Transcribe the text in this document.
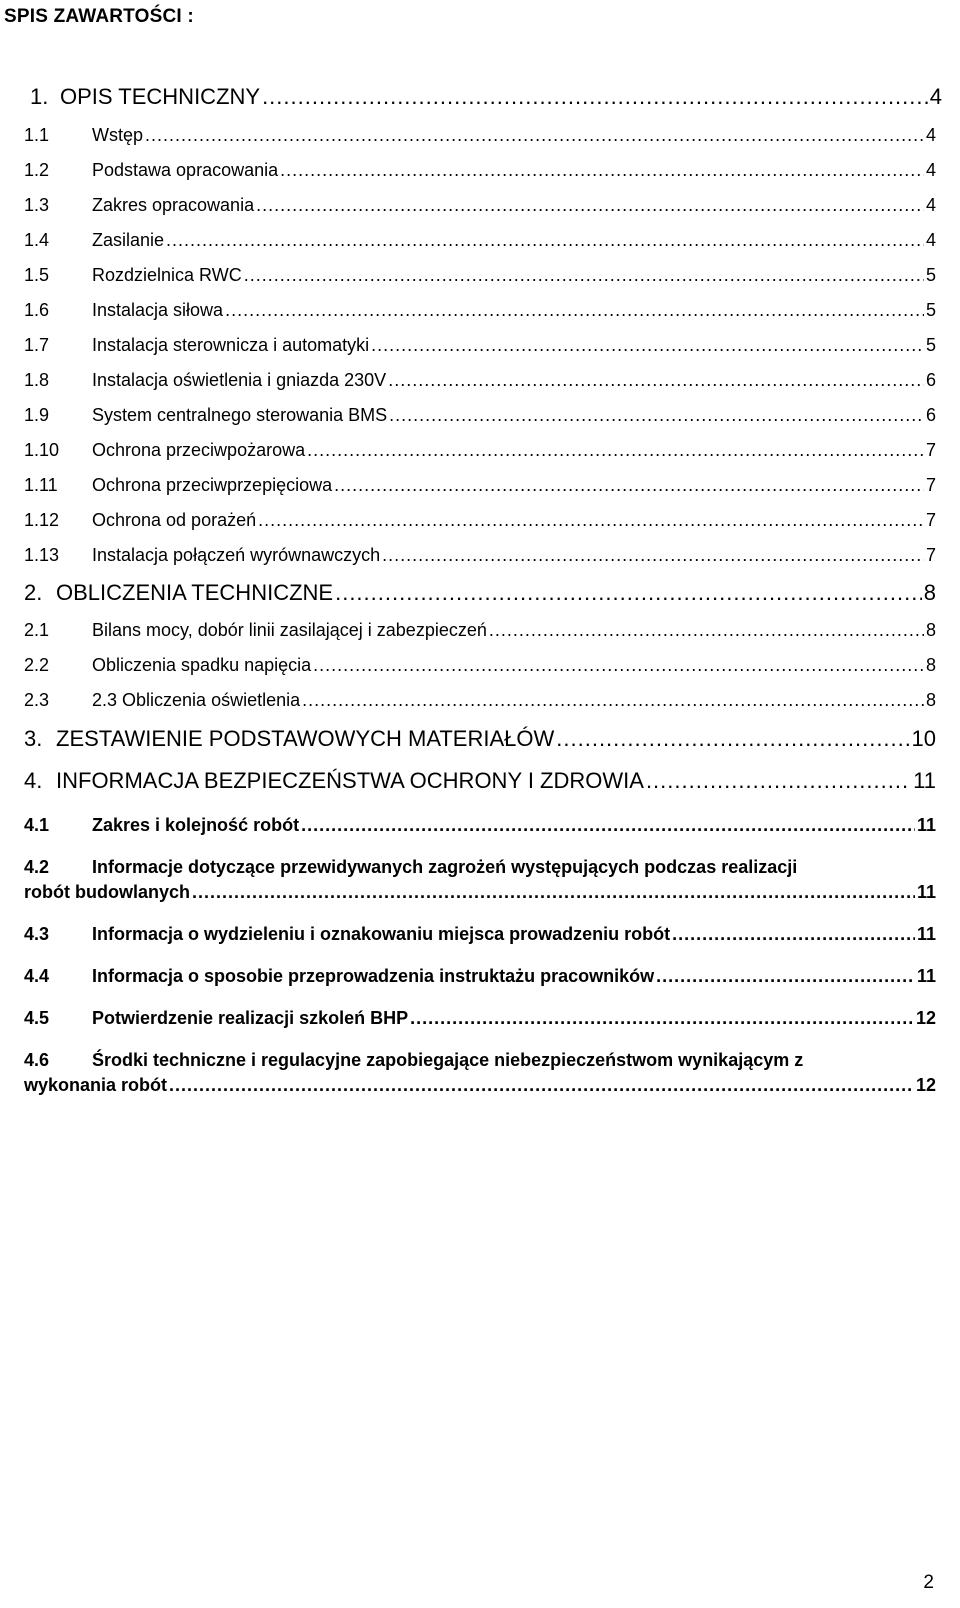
SPIS ZAWARTOŚCI :
1. OPIS TECHNICZNY .....	4
1.1	Wstęp .....	4
1.2	Podstawa opracowania .....	4
1.3	Zakres opracowania .....	4
1.4	Zasilanie .....	4
1.5	Rozdzielnica RWC .....	5
1.6	Instalacja siłowa .....	5
1.7	Instalacja sterownicza i automatyki .....	5
1.8	Instalacja oświetlenia i gniazda 230V .....	6
1.9	System centralnego sterowania BMS .....	6
1.10	Ochrona przeciwpożarowa .....	7
1.11	Ochrona przeciwprzepięciowa .....	7
1.12	Ochrona od porażeń .....	7
1.13	Instalacja połączeń wyrównawczych .....	7
2. OBLICZENIA TECHNICZNE .....	8
2.1	Bilans mocy, dobór linii zasilającej i zabezpieczeń .....	8
2.2	Obliczenia spadku napięcia .....	8
2.3	2.3 Obliczenia oświetlenia .....	8
3. ZESTAWIENIE PODSTAWOWYCH MATERIAŁÓW .....	10
4. INFORMACJA BEZPIECZEŃSTWA OCHRONY I ZDROWIA .....	11
4.1	Zakres i kolejność robót .....	11
4.2 Informacje dotyczące przewidywanych zagrożeń występujących podczas realizacji
robót budowlanych .....	11
4.3	Informacja o wydzieleniu i oznakowaniu miejsca prowadzeniu robót .....	11
4.4	Informacja o sposobie przeprowadzenia instruktażu pracowników .....	11
4.5	Potwierdzenie realizacji szkoleń BHP .....	12
4.6 Środki techniczne i regulacyjne zapobiegające niebezpieczeństwom wynikającym z
wykonania robót .....	12
2
